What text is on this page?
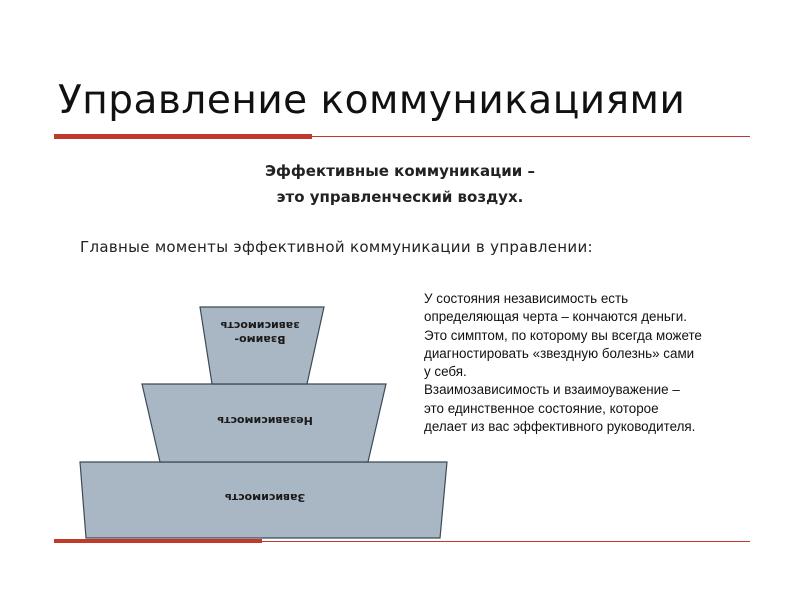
Управление коммуникациями
Эффективные коммуникации –
это управленческий воздух.
Главные моменты эффективной коммуникации в управлении:
Взаимо-
зависимость
Независимость
Зависимость
У состояния независимость есть
определяющая черта – кончаются деньги.
Это симптом, по которому вы всегда можете
диагностировать «звездную болезнь» сами
у себя.
Взаимозависимость и взаимоуважение –
это единственное состояние, которое
делает из вас эффективного руководителя.
